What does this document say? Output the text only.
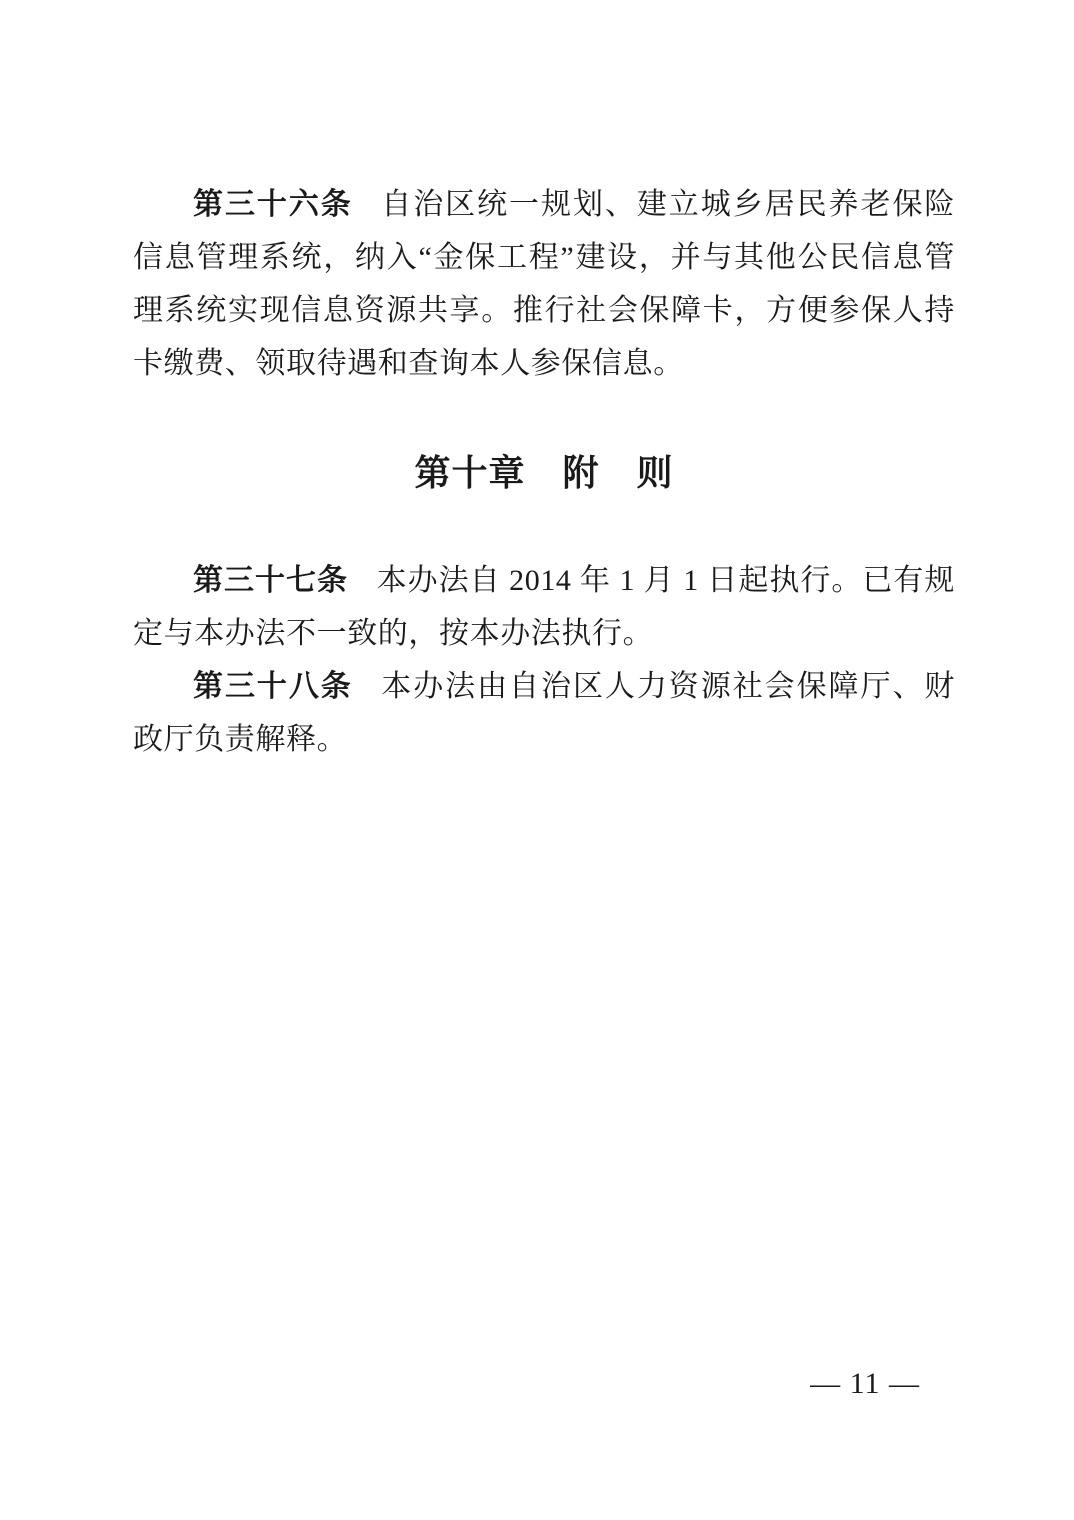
第三十六条 自治区统一规划、建立城乡居民养老保险信息管理系统，纳入“金保工程”建设，并与其他公民信息管理系统实现信息资源共享。推行社会保障卡，方便参保人持卡缴费、领取待遇和查询本人参保信息。

第十章　附　则

第三十七条 本办法自 2014 年 1 月 1 日起执行。已有规定与本办法不一致的，按本办法执行。

第三十八条 本办法由自治区人力资源社会保障厅、财政厅负责解释。

— 11 —
